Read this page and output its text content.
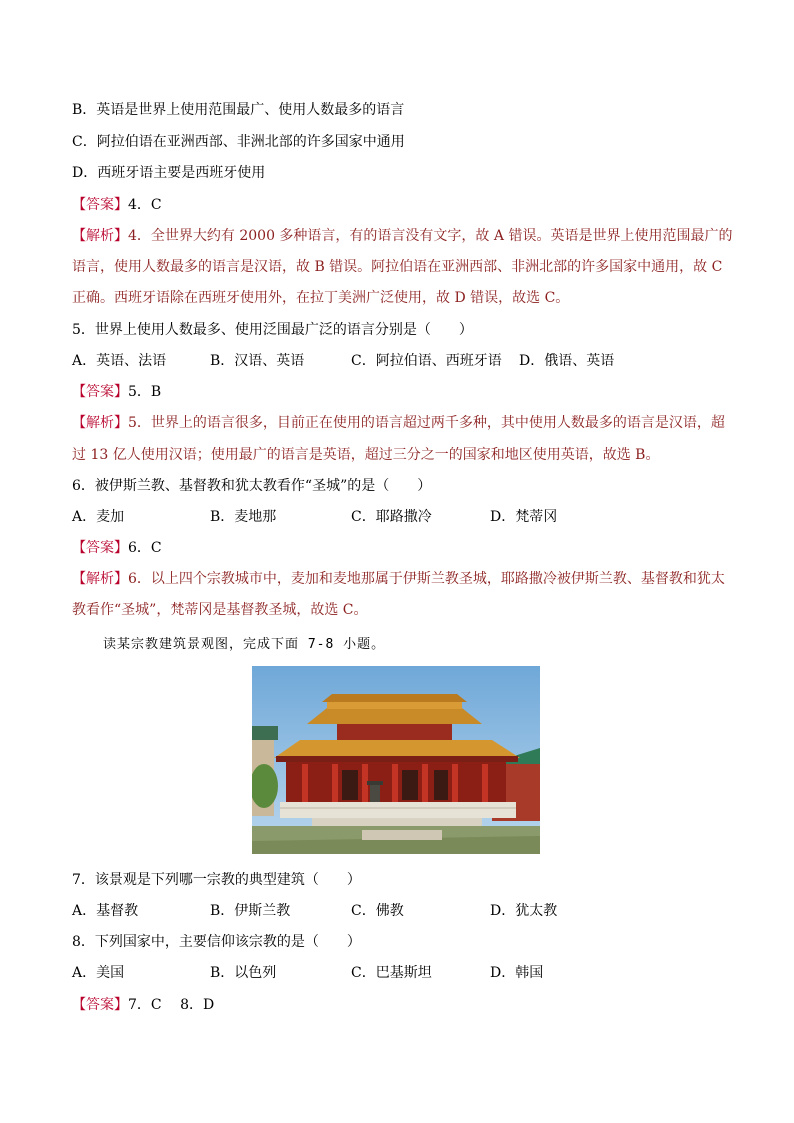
B．英语是世界上使用范围最广、使用人数最多的语言
C．阿拉伯语在亚洲西部、非洲北部的许多国家中通用
D．西班牙语主要是西班牙使用
【答案】4．C
【解析】4．全世界大约有 2000 多种语言，有的语言没有文字，故 A 错误。英语是世界上使用范围最广的
语言，使用人数最多的语言是汉语，故 B 错误。阿拉伯语在亚洲西部、非洲北部的许多国家中通用，故 C
正确。西班牙语除在西班牙使用外，在拉丁美洲广泛使用，故 D 错误，故选 C。
5．世界上使用人数最多、使用泛围最广泛的语言分别是（　　）
A．英语、法语	B．汉语、英语	C．阿拉伯语、西班牙语 D．俄语、英语
【答案】5．B
【解析】5．世界上的语言很多，目前正在使用的语言超过两千多种，其中使用人数最多的语言是汉语，超
过 13 亿人使用汉语；使用最广的语言是英语，超过三分之一的国家和地区使用英语，故选 B。
6．被伊斯兰教、基督教和犹太教看作“圣城”的是（　　）
A．麦加	B．麦地那	C．耶路撒冷	D．梵蒂冈
【答案】6．C
【解析】6．以上四个宗教城市中，麦加和麦地那属于伊斯兰教圣城，耶路撒冷被伊斯兰教、基督教和犹太
教看作“圣城”，梵蒂冈是基督教圣城，故选 C。
读某宗教建筑景观图，完成下面 7-8 小题。
7．该景观是下列哪一宗教的典型建筑（　　）
A．基督教	B．伊斯兰教	C．佛教	D．犹太教
8．下列国家中，主要信仰该宗教的是（　　）
A．美国	B．以色列	C．巴基斯坦	D．韩国
【答案】7．C　 8．D
